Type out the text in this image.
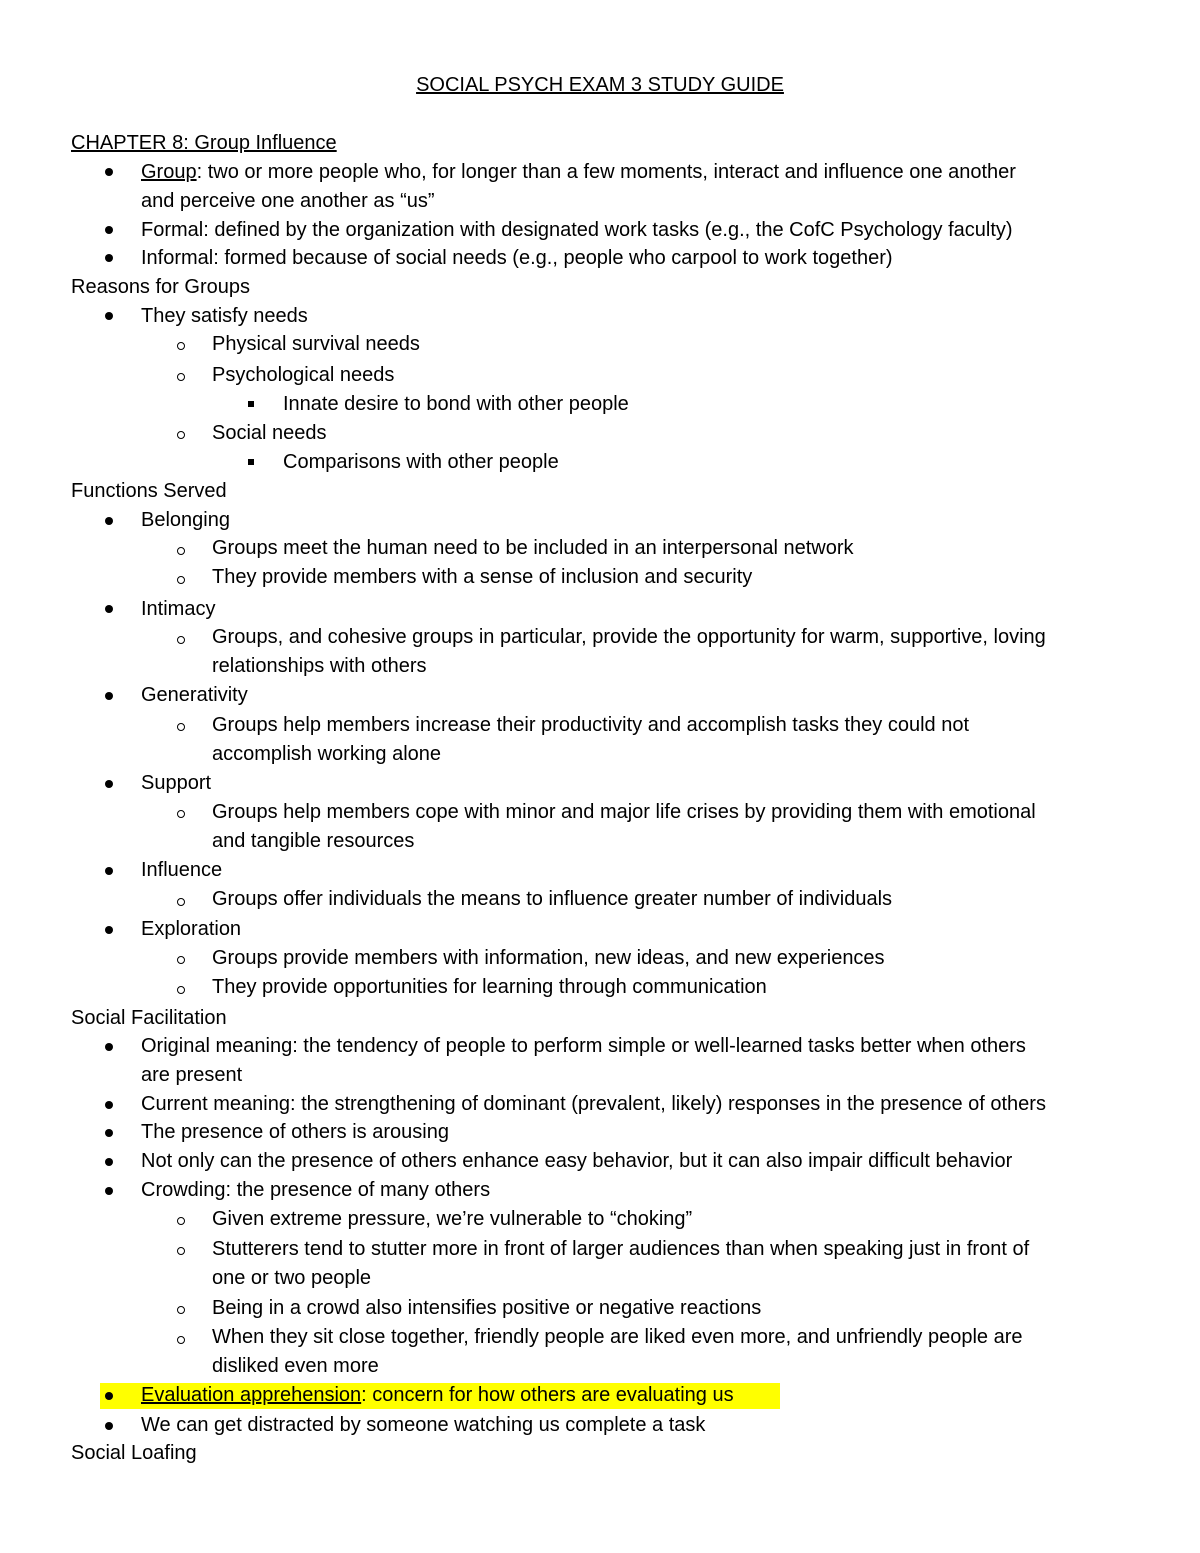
SOCIAL PSYCH EXAM 3 STUDY GUIDE
CHAPTER 8: Group Influence
Group: two or more people who, for longer than a few moments, interact and influence one another
and perceive one another as “us”
Formal: defined by the organization with designated work tasks (e.g., the CofC Psychology faculty)
Informal: formed because of social needs (e.g., people who carpool to work together)
Reasons for Groups
They satisfy needs
Physical survival needs
Psychological needs
Innate desire to bond with other people
Social needs
Comparisons with other people
Functions Served
Belonging
Groups meet the human need to be included in an interpersonal network
They provide members with a sense of inclusion and security
Intimacy
Groups, and cohesive groups in particular, provide the opportunity for warm, supportive, loving
relationships with others
Generativity
Groups help members increase their productivity and accomplish tasks they could not
accomplish working alone
Support
Groups help members cope with minor and major life crises by providing them with emotional
and tangible resources
Influence
Groups offer individuals the means to influence greater number of individuals
Exploration
Groups provide members with information, new ideas, and new experiences
They provide opportunities for learning through communication
Social Facilitation
Original meaning: the tendency of people to perform simple or well-learned tasks better when others
are present
Current meaning: the strengthening of dominant (prevalent, likely) responses in the presence of others
The presence of others is arousing
Not only can the presence of others enhance easy behavior, but it can also impair difficult behavior
Crowding: the presence of many others
Given extreme pressure, we’re vulnerable to “choking”
Stutterers tend to stutter more in front of larger audiences than when speaking just in front of
one or two people
Being in a crowd also intensifies positive or negative reactions
When they sit close together, friendly people are liked even more, and unfriendly people are
disliked even more
Evaluation apprehension: concern for how others are evaluating us
We can get distracted by someone watching us complete a task
Social Loafing
